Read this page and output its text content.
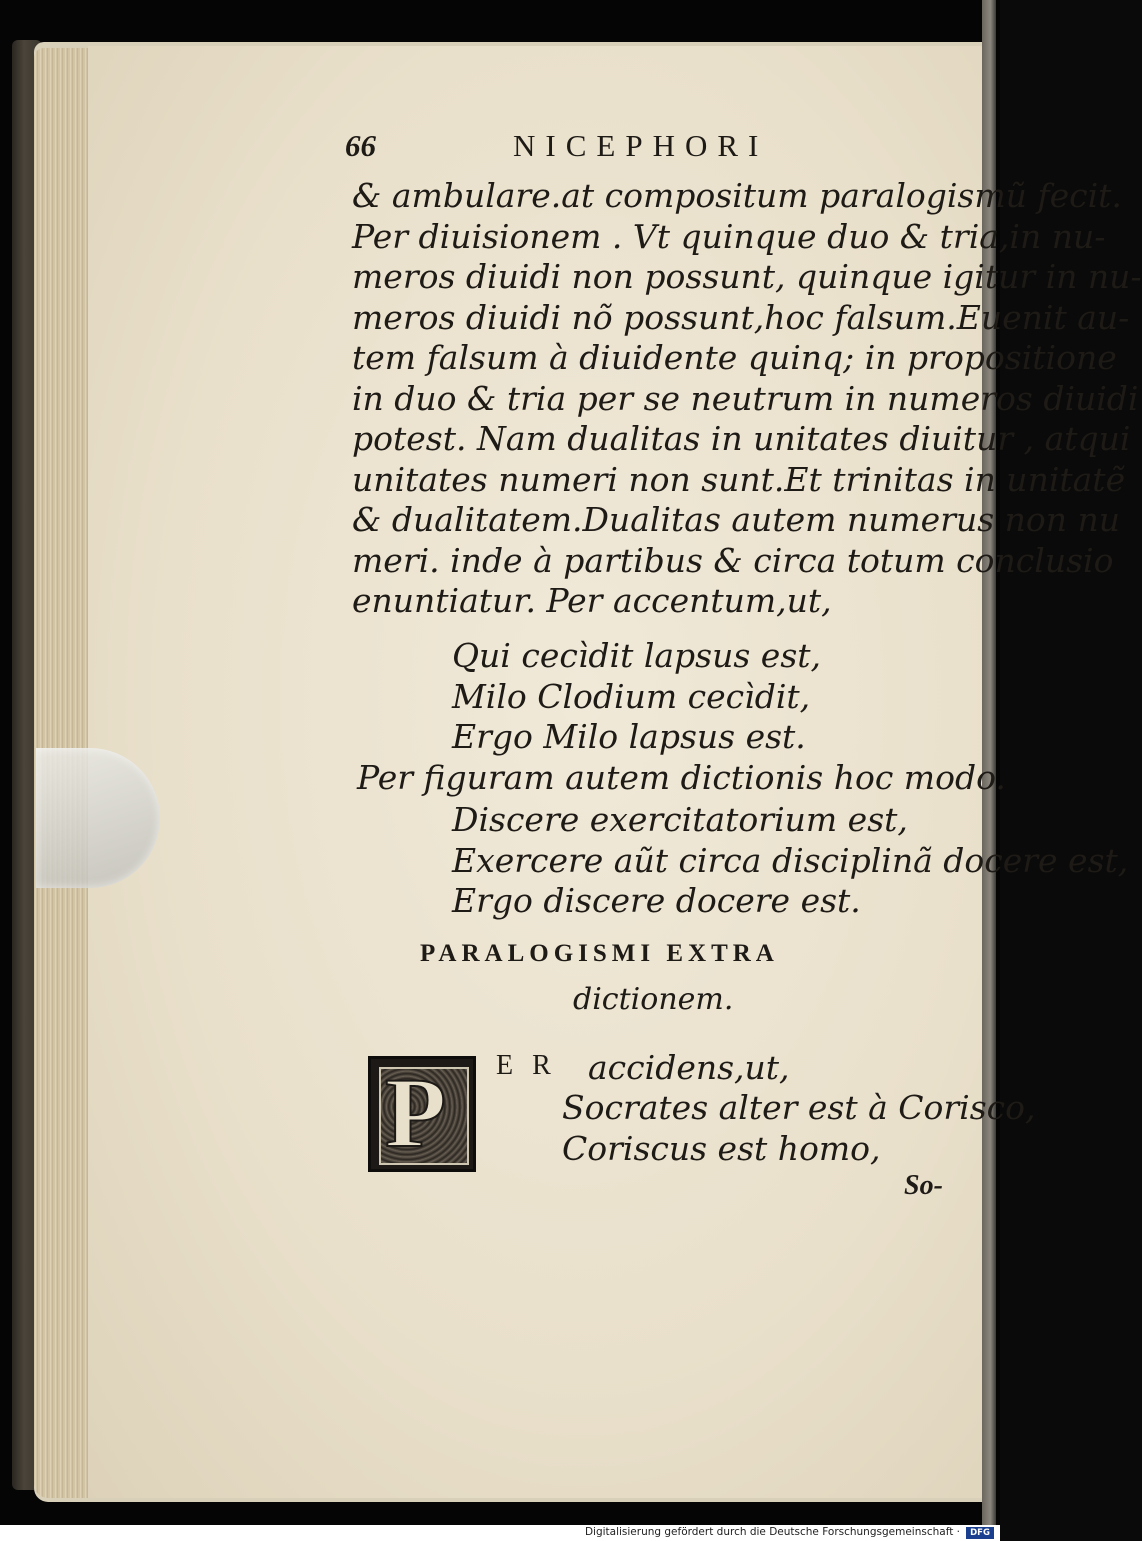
66	NICEPHORI
& ambulare.at compositum paralogismũ fecit.
Per diuisionem . Vt quinque duo & tria,in nu-
meros diuidi non possunt, quinque igitur in nu-
meros diuidi nõ possunt,hoc falsum.Euenit au-
tem falsum à diuidente quinq; in propositione
in duo & tria per se neutrum in numeros diuidi
potest. Nam dualitas in unitates diuitur , atqui
unitates numeri non sunt.Et trinitas in unitatẽ
& dualitatem.Dualitas autem numerus non nu
meri. inde à partibus & circa totum conclusio
enuntiatur. Per accentum,ut,
Qui cecìdit lapsus est,
Milo Clodium cecìdit,
Ergo Milo lapsus est.
Per figuram autem dictionis hoc modo.
Discere exercitatorium est,
Exercere aũt circa disciplinã docere est,
Ergo discere docere est.
PARALOGISMI EXTRA
dictionem.
P E R accidens,ut,
Socrates alter est à Corisco,
Coriscus est homo,
So-
Digitalisierung gefördert durch die Deutsche Forschungsgemeinschaft ·	DFG
